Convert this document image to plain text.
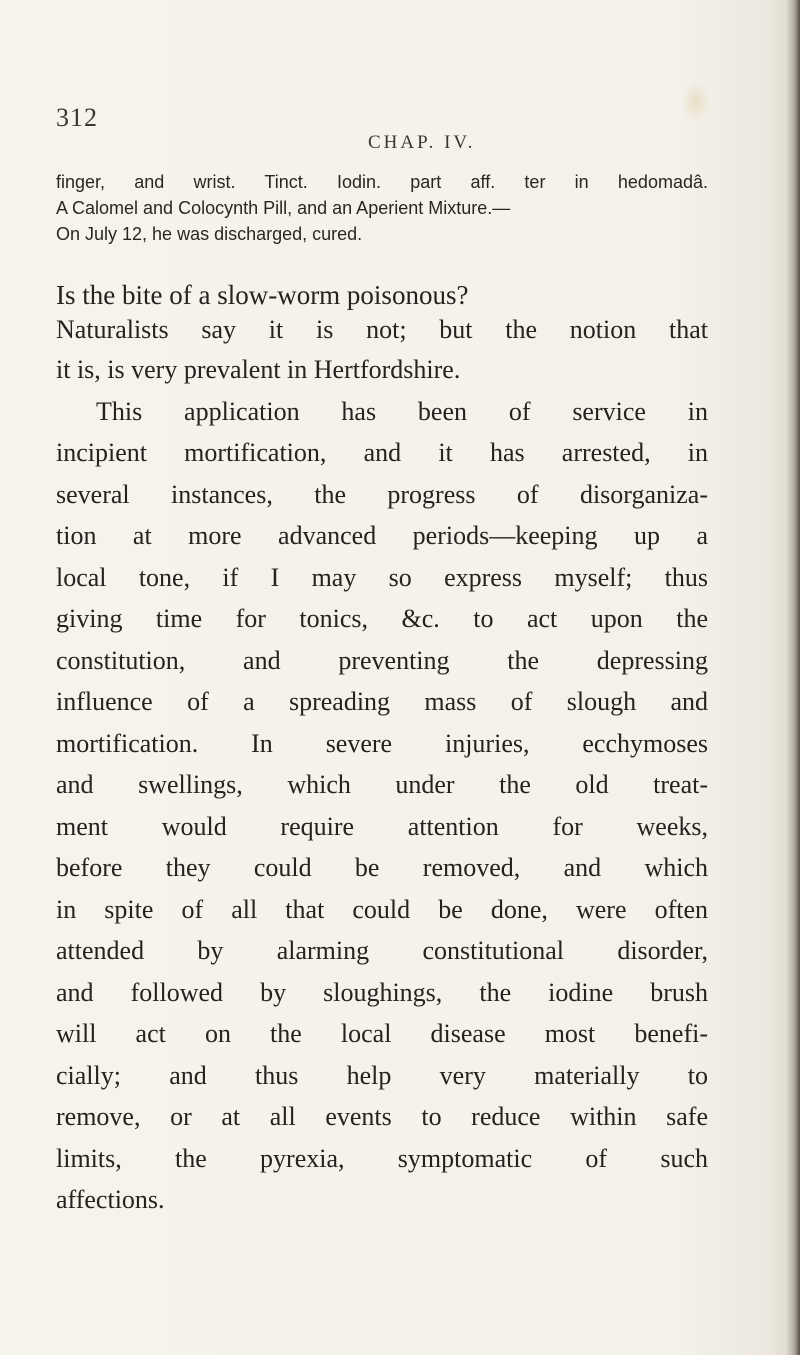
312
CHAP. IV.
finger, and wrist. Tinct. Iodin. part aff. ter in hedomadâ.
A Calomel and Colocynth Pill, and an Aperient Mixture.—
On July 12, he was discharged, cured.
Is the bite of a slow-worm poisonous?
Naturalists say it is not; but the notion that
it is, is very prevalent in Hertfordshire.
This application has been of service in
incipient mortification, and it has arrested, in
several instances, the progress of disorganiza-
tion at more advanced periods—keeping up a
local tone, if I may so express myself; thus
giving time for tonics, &c. to act upon the
constitution, and preventing the depressing
influence of a spreading mass of slough and
mortification. In severe injuries, ecchymoses
and swellings, which under the old treat-
ment would require attention for weeks,
before they could be removed, and which
in spite of all that could be done, were often
attended by alarming constitutional disorder,
and followed by sloughings, the iodine brush
will act on the local disease most benefi-
cially; and thus help very materially to
remove, or at all events to reduce within safe
limits, the pyrexia, symptomatic of such
affections.
